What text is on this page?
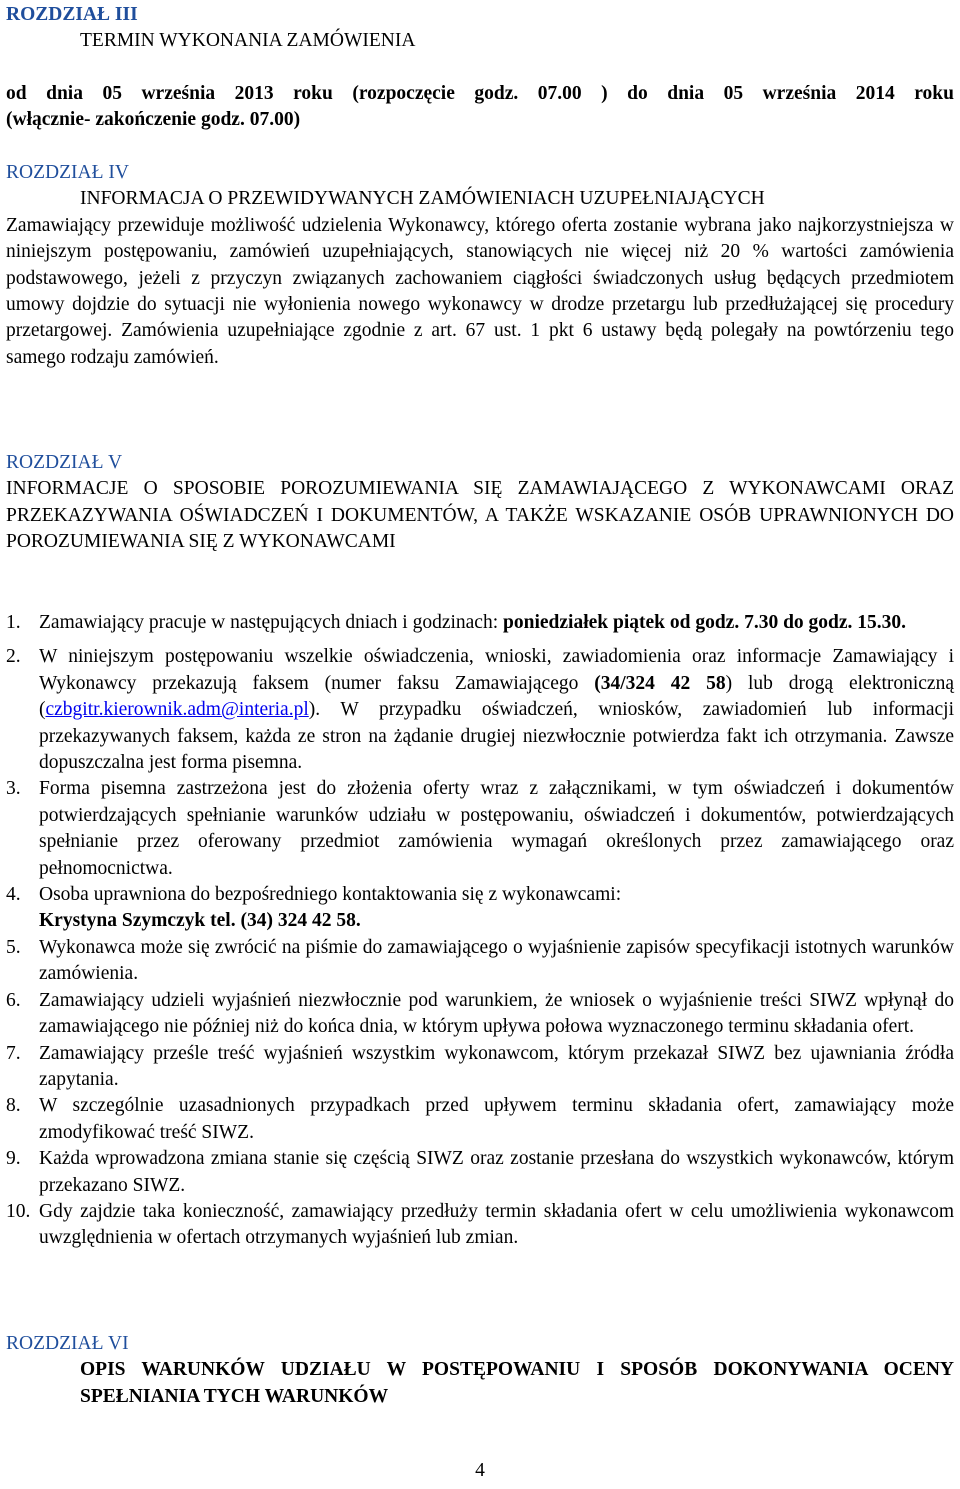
ROZDZIAŁ III
TERMIN WYKONANIA ZAMÓWIENIA
od dnia 05 września 2013 roku (rozpoczęcie godz. 07.00 ) do dnia 05 września 2014 roku
(włącznie- zakończenie godz. 07.00)
ROZDZIAŁ IV
INFORMACJA O PRZEWIDYWANYCH ZAMÓWIENIACH UZUPEŁNIAJĄCYCH
Zamawiający przewiduje możliwość udzielenia Wykonawcy, którego oferta zostanie wybrana jako najkorzystniejsza w niniejszym postępowaniu, zamówień uzupełniających, stanowiących nie więcej niż 20 % wartości zamówienia podstawowego, jeżeli z przyczyn związanych zachowaniem ciągłości świadczonych usług będących przedmiotem umowy dojdzie do sytuacji nie wyłonienia nowego wykonawcy w drodze przetargu lub przedłużającej się procedury przetargowej. Zamówienia uzupełniające zgodnie z art. 67 ust. 1 pkt 6 ustawy będą polegały na powtórzeniu tego samego rodzaju zamówień.
ROZDZIAŁ V
INFORMACJE O SPOSOBIE POROZUMIEWANIA SIĘ ZAMAWIAJĄCEGO Z WYKONAWCAMI ORAZ PRZEKAZYWANIA OŚWIADCZEŃ I DOKUMENTÓW, A TAKŻE WSKAZANIE OSÓB UPRAWNIONYCH DO POROZUMIEWANIA SIĘ Z WYKONAWCAMI
1. Zamawiający pracuje w następujących dniach i godzinach: poniedziałek piątek od godz. 7.30 do godz. 15.30.
2. W niniejszym postępowaniu wszelkie oświadczenia, wnioski, zawiadomienia oraz informacje Zamawiający i Wykonawcy przekazują faksem (numer faksu Zamawiającego (34/324 42 58) lub drogą elektroniczną (czbgitr.kierownik.adm@interia.pl). W przypadku oświadczeń, wniosków, zawiadomień lub informacji przekazywanych faksem, każda ze stron na żądanie drugiej niezwłocznie potwierdza fakt ich otrzymania. Zawsze dopuszczalna jest forma pisemna.
3. Forma pisemna zastrzeżona jest do złożenia oferty wraz z załącznikami, w tym oświadczeń i dokumentów potwierdzających spełnianie warunków udziału w postępowaniu, oświadczeń i dokumentów, potwierdzających spełnianie przez oferowany przedmiot zamówienia wymagań określonych przez zamawiającego oraz pełnomocnictwa.
4. Osoba uprawniona do bezpośredniego kontaktowania się z wykonawcami:
Krystyna Szymczyk tel. (34) 324 42 58.
5. Wykonawca może się zwrócić na piśmie do zamawiającego o wyjaśnienie zapisów specyfikacji istotnych warunków zamówienia.
6. Zamawiający udzieli wyjaśnień niezwłocznie pod warunkiem, że wniosek o wyjaśnienie treści SIWZ wpłynął do zamawiającego nie później niż do końca dnia, w którym upływa połowa wyznaczonego terminu składania ofert.
7. Zamawiający prześle treść wyjaśnień wszystkim wykonawcom, którym przekazał SIWZ bez ujawniania źródła zapytania.
8. W szczególnie uzasadnionych przypadkach przed upływem terminu składania ofert, zamawiający może zmodyfikować treść SIWZ.
9. Każda wprowadzona zmiana stanie się częścią SIWZ oraz zostanie przesłana do wszystkich wykonawców, którym przekazano SIWZ.
10. Gdy zajdzie taka konieczność, zamawiający przedłuży termin składania ofert w celu umożliwienia wykonawcom uwzględnienia w ofertach otrzymanych wyjaśnień lub zmian.
ROZDZIAŁ VI
OPIS WARUNKÓW UDZIAŁU W POSTĘPOWANIU I SPOSÓB DOKONYWANIA OCENY SPEŁNIANIA TYCH WARUNKÓW
4
